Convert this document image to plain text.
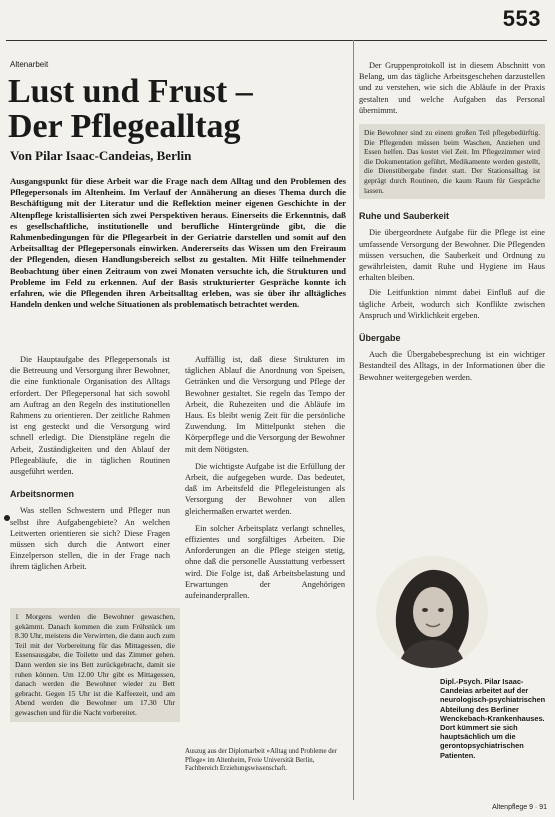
553
Altenarbeit
Lust und Frust –
Der Pflegealltag
Von Pilar Isaac-Candeias, Berlin
Ausgangspunkt für diese Arbeit war die Frage nach dem Alltag und den Problemen des Pflegepersonals im Altenheim. Im Verlauf der Annäherung an dieses Thema durch die Beschäftigung mit der Literatur und die Reflektion meiner eigenen Geschichte in der Altenpflege kristallisierten sich zwei Perspektiven heraus. Einerseits die Erkenntnis, daß es gesellschaftliche, institutionelle und berufliche Hintergründe gibt, die die Rahmenbedingungen für die Pflegearbeit in der Geriatrie darstellen und somit auf den Arbeitsalltag der Pflegepersonals einwirken. Andererseits das Wissen um den Freiraum der Pflegenden, diesen Handlungsbereich selbst zu gestalten. Mit Hilfe teilnehmender Beobachtung über einen Zeitraum von zwei Monaten versuchte ich, die Strukturen und Probleme im Feld zu erkennen. Auf der Basis strukturierter Gespräche konnte ich erfahren, wie die Pflegenden ihren Arbeitsalltag erleben, was sie über ihr alltägliches Handeln denken und welche Situationen als problematisch betrachtet werden.

Die Hauptaufgabe des Pflegepersonals ist die Betreuung und Versorgung ihrer Bewohner, die eine funktionale Organisation des Alltags erfordert. Der Pflegepersonal hat sich sowohl am Auftrag an den Regeln des institutionellen Rahmens zu orientieren. Der zeitliche Rahmen ist eng gesteckt und die Versorgung wird schnell erledigt. Die Dienstpläne regeln die Arbeit, Zuständigkeiten und den Ablauf der Pflegeabläufe, die in täglichen Routinen ausgeführt werden.

Arbeitsnormen

Was stellen Schwestern und Pfleger nun selbst ihre Aufgabengebiete? An welchen Leitwerten orientieren sie sich? Diese Fragen müssen sich durch die Antwort einer Einzelperson stellen, die in der Frage nach ihrem täglichen Arbeit.

1 Morgens werden die Bewohner gewaschen, gekämmt. Danach kommen die zum Frühstück um 8.30 Uhr, meistens die Verwirrten, die dann auch zum Teil mit der Vorbereitung für das Mittagessen, die Essensausgabe, die Toilette und das Zimmer gehen. Dann werden sie ins Bett zurückgebracht, damit sie ruhen können. Um 12.00 Uhr gibt es Mittagessen, danach werden die Bewohner wieder zu Bett gebracht. Gegen 15 Uhr ist die Kaffeezeit, und am Abend werden die Bewohner um 17.30 Uhr gewaschen und für die Nacht vorbereitet.

Auffällig ist, daß diese Strukturen im täglichen Ablauf die Anordnung von Speisen, Getränken und die Versorgung und Pflege der Bewohner gestaltet. Sie regeln das Tempo der Arbeit, die Ruhezeiten und die Abläufe im Haus. Es bleibt wenig Zeit für die persönliche Zuwendung. Im Mittelpunkt stehen die Körperpflege und die Versorgung der Bewohner mit dem Nötigsten.

Die wichtigste Aufgabe ist die Erfüllung der Arbeit, die aufgegeben wurde. Das bedeutet, daß im Arbeitsfeld die Pflegeleistungen als Versorgung der Bewohner von allen gleichermaßen erwartet werden.

Ein solcher Arbeitsplatz verlangt schnelles, effizientes und sorgfältiges Arbeiten. Die Anforderungen an die Pflege steigen stetig, ohne daß die personelle Ausstattung verbessert wird. Die Folge ist, daß Arbeitsbelastung und Erwartungen der Angehörigen aufeinanderprallen.

Auszug aus der Diplomarbeit »Alltag und Probleme der Pflege« im Altenheim, Freie Universität Berlin, Fachbereich Erziehungswissenschaft.

Der Gruppenprotokoll ist in diesem Abschnitt von Belang, um das tägliche Arbeitsgeschehen darzustellen und zu verstehen, wie sich die Abläufe in der Praxis gestalten und welche Aufgaben das Personal übernimmt.

Die Bewohner sind zu einem großen Teil pflegebedürftig. Die Pflegenden müssen beim Waschen, Anziehen und Essen helfen. Das kostet viel Zeit. Im Pflegezimmer wird die Dokumentation geführt, Medikamente werden gestellt, die Dienstübergabe findet statt. Der Stationsalltag ist geprägt durch Routinen, die kaum Raum für Gespräche lassen.
Ruhe und Sauberkeit

Die übergeordnete Aufgabe für die Pflege ist eine umfassende Versorgung der Bewohner. Die Pflegenden müssen versuchen, die Sauberkeit und Ordnung zu gewährleisten, damit Ruhe und Hygiene im Haus erhalten bleiben.

Die Leitfunktion nimmt dabei Einfluß auf die tägliche Arbeit, wodurch sich Konflikte zwischen Anspruch und Wirklichkeit ergeben.

Übergabe

Auch die Übergabebesprechung ist ein wichtiger Bestandteil des Alltags, in der Informationen über die Bewohner weitergegeben werden.

Dipl.-Psych. Pilar Isaac-Candeias arbeitet auf der neurologisch-psychiatrischen Abteilung des Berliner Wenckebach-Krankenhauses. Dort kümmert sie sich hauptsächlich um die gerontopsychiatrischen Patienten.
Altenpflege 9 · 91
